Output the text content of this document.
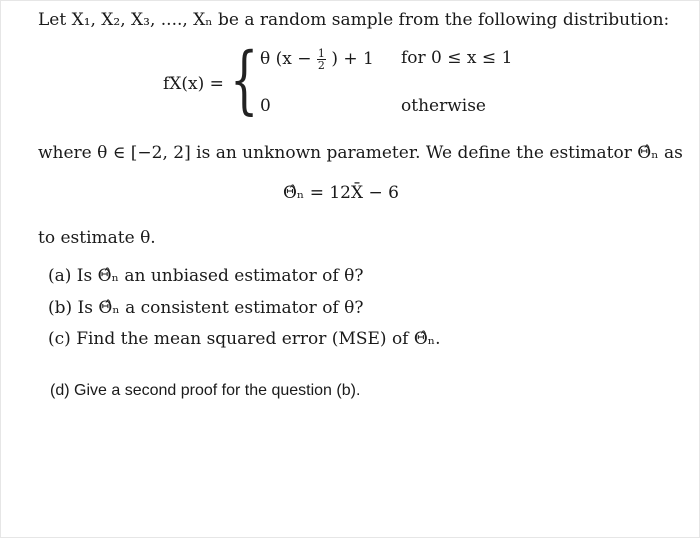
Let X₁, X₂, X₃, ...., Xₙ be a random sample from the following distribution:
fX(x) = { θ ($x - \frac{1}{2}$ ) + 1 for 0 ≤ x ≤ 1
0	otherwise
where θ ∈ [−2, 2] is an unknown parameter. We define the estimator Θ̂ₙ as
Θ̂ₙ = 12X̄ − 6
to estimate θ.
(a) Is Θ̂ₙ an unbiased estimator of θ?
(b) Is Θ̂ₙ a consistent estimator of θ?
(c) Find the mean squared error (MSE) of Θ̂ₙ.
(d) Give a second proof for the question (b).
